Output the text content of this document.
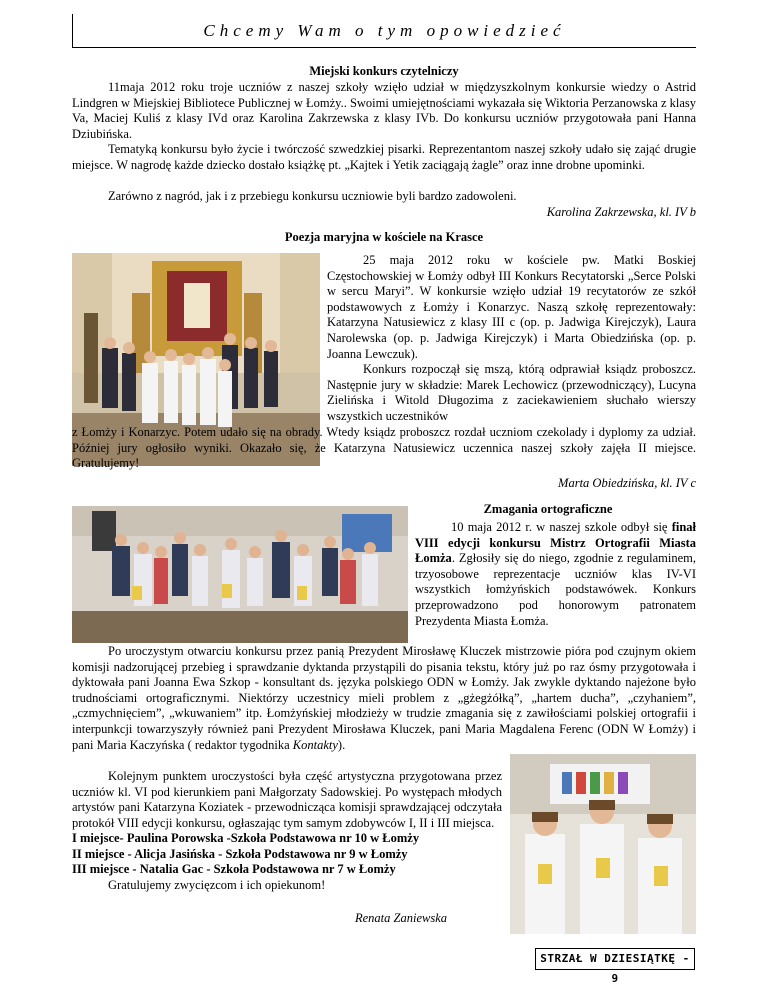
Chcemy Wam o tym opowiedzieć
Miejski konkurs czytelniczy

11maja 2012 roku troje uczniów z naszej szkoły wzięło udział w międzyszkolnym konkursie wiedzy o Astrid Lindgren w Miejskiej Bibliotece Publicznej w Łomży.. Swoimi umiejętnościami wykazała się Wiktoria Perzanowska z klasy Va, Maciej Kuliś z klasy IVd oraz Karolina Zakrzewska z klasy IVb. Do konkursu uczniów przygotowała pani Hanna Dziubińska.

Tematyką konkursu było życie i twórczość szwedzkiej pisarki. Reprezentantom naszej szkoły udało się zająć drugie miejsce. W nagrodę każde dziecko dostało książkę pt. „Kajtek i Yetik zaciągają żagle” oraz inne drobne upominki.

Zarówno z nagród, jak i z przebiegu konkursu uczniowie byli bardzo zadowoleni.

Karolina Zakrzewska, kl. IV b
Poezja maryjna w kościele na Krasce

25 maja 2012 roku w kościele pw. Matki Boskiej Częstochowskiej w Łomży odbył III Konkurs Recytatorski „Serce Polski w sercu Maryi”. W konkursie wzięło udział 19 recytatorów ze szkół podstawowych z Łomży i Konarzyc. Naszą szkołę reprezentowały: Katarzyna Natusiewicz z klasy III c (op. p. Jadwiga Kirejczyk), Laura Narolewska (op. p. Jadwiga Kirejczyk) i Marta Obiedzińska (op. p. Joanna Lewczuk).

Konkurs rozpoczął się mszą, którą odprawiał ksiądz proboszcz. Następnie jury w składzie: Marek Lechowicz (przewodniczący), Lucyna Zielińska i Witold Długozima z zaciekawieniem słuchało wierszy wszystkich uczestników

z Łomży i Konarzyc. Potem udało się na obrady. Wtedy ksiądz proboszcz rozdał uczniom czekolady i dyplomy za udział. Później jury ogłosiło wyniki. Okazało się, że Katarzyna Natusiewicz uczennica naszej szkoły zajęła II miejsce. Gratulujemy!

Marta Obiedzińska, kl. IV c
Zmagania ortograficzne

10 maja 2012 r. w naszej szkole odbył się finał VIII edycji konkursu Mistrz Ortografii Miasta Łomża. Zgłosiły się do niego, zgodnie z regulaminem, trzyosobowe reprezentacje uczniów klas IV-VI wszystkich łomżyńskich podstawówek. Konkurs przeprowadzono pod honorowym patronatem Prezydenta Miasta Łomża.

Po uroczystym otwarciu konkursu przez panią Prezydent Mirosławę Kluczek mistrzowie pióra pod czujnym okiem komisji nadzorującej przebieg i sprawdzanie dyktanda przystąpili do pisania tekstu, który już po raz ósmy przygotowała i dyktowała pani Joanna Ewa Szkop - konsultant ds. języka polskiego ODN w Łomży. Jak zwykle dyktando najeżone było trudnościami ortograficznymi. Niektórzy uczestnicy mieli problem z „gżegżółką”, „hartem ducha”, „czyhaniem”, „czmychnięciem”, „wkuwaniem” itp. Łomżyńskiej młodzieży w trudzie zmagania się z zawiłościami polskiej ortografii i interpunkcji towarzyszyły również pani Prezydent Mirosława Kluczek, pani Maria Magdalena Ferenc (ODN W Łomży) i pani Maria Kaczyńska ( redaktor tygodnika Kontakty).

Kolejnym punktem uroczystości była część artystyczna przygotowana przez uczniów kl. VI pod kierunkiem pani Małgorzaty Sadowskiej. Po występach młodych artystów pani Katarzyna Koziatek - przewodnicząca komisji sprawdzającej odczytała protokół VIII edycji konkursu, ogłaszając tym samym zdobywców I, II i III miejsca.

I miejsce- Paulina Porowska -Szkoła Podstawowa nr 10 w Łomży
II miejsce - Alicja Jasińska - Szkoła Podstawowa nr 9 w Łomży
III miejsce - Natalia Gac - Szkoła Podstawowa nr 7 w Łomży

Gratulujemy zwycięzcom i ich opiekunom!

Renata Zaniewska
STRZAŁ W DZIESIĄTKĘ - 9
